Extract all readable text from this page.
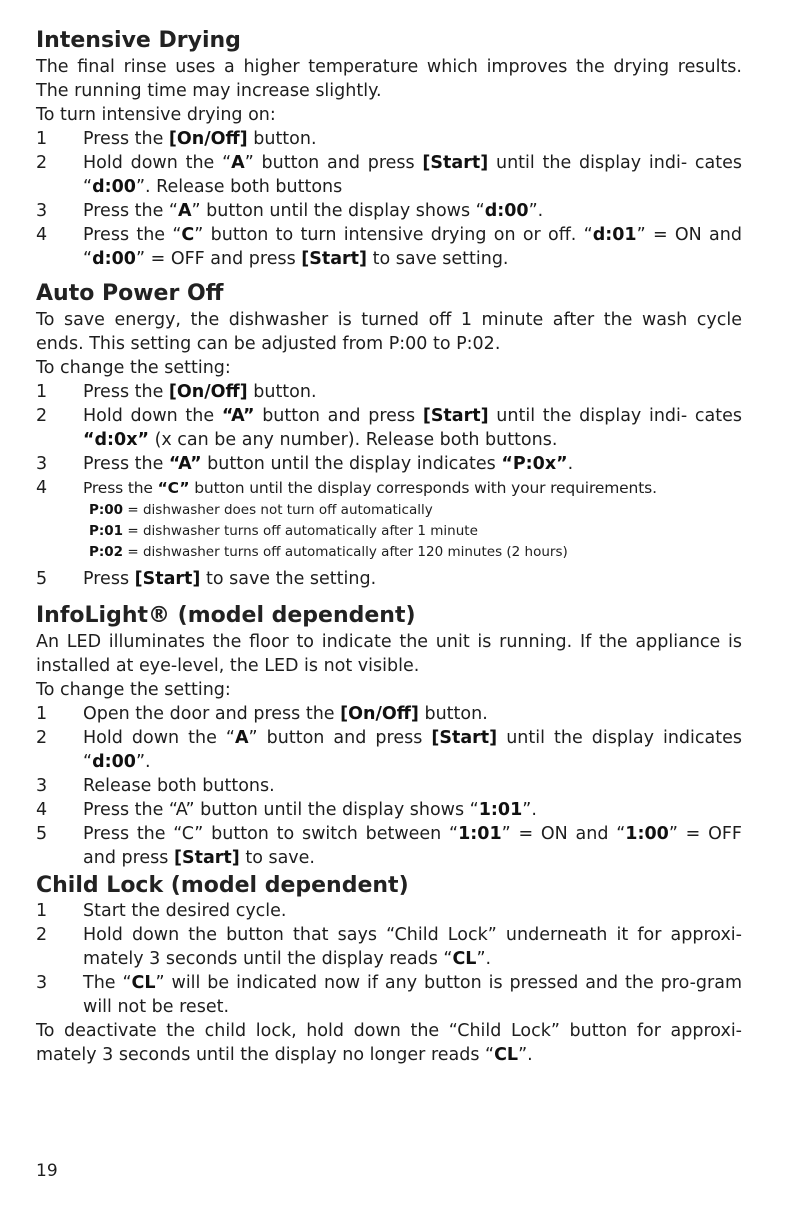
Intensive Drying

The final rinse uses a higher temperature which improves the drying results. The running time may increase slightly.

To turn intensive drying on:

1	Press the [On/Off] button.
2	Hold down the “A” button and press [Start] until the display indi- cates “d:00”. Release both buttons
3	Press the “A” button until the display shows “d:00”.
4	Press the “C” button to turn intensive drying on or off. “d:01” = ON and “d:00” = OFF and press [Start] to save setting.
Auto Power Off

To save energy, the dishwasher is turned off 1 minute after the wash cycle ends. This setting can be adjusted from P:00 to P:02.

To change the setting:

1	Press the [On/Off] button.
2	Hold down the “A” button and press [Start] until the display indi- cates “d:0x” (x can be any number). Release both buttons.
3	Press the “A” button until the display indicates “P:0x”.
4	Press the “C” button until the display corresponds with your requirements.
P:00 = dishwasher does not turn off automatically
P:01 = dishwasher turns off automatically after 1 minute
P:02 = dishwasher turns off automatically after 120 minutes (2 hours)
5	Press [Start] to save the setting.
InfoLight® (model dependent)

An LED illuminates the floor to indicate the unit is running. If the appliance is installed at eye-level, the LED is not visible.

To change the setting:

1	Open the door and press the [On/Off] button.
2	Hold down the “A” button and press [Start] until the display indicates “d:00”.
3	Release both buttons.
4	Press the “A” button until the display shows “1:01”.
5	Press the “C” button to switch between “1:01” = ON and “1:00” = OFF and press [Start] to save.
Child Lock (model dependent)
1	Start the desired cycle.
2	Hold down the button that says “Child Lock” underneath it for approxi- mately 3 seconds until the display reads “CL”.
3	The “CL” will be indicated now if any button is pressed and the pro-gram will not be reset.

To deactivate the child lock, hold down the “Child Lock” button for approxi- mately 3 seconds until the display no longer reads “CL”.

19
